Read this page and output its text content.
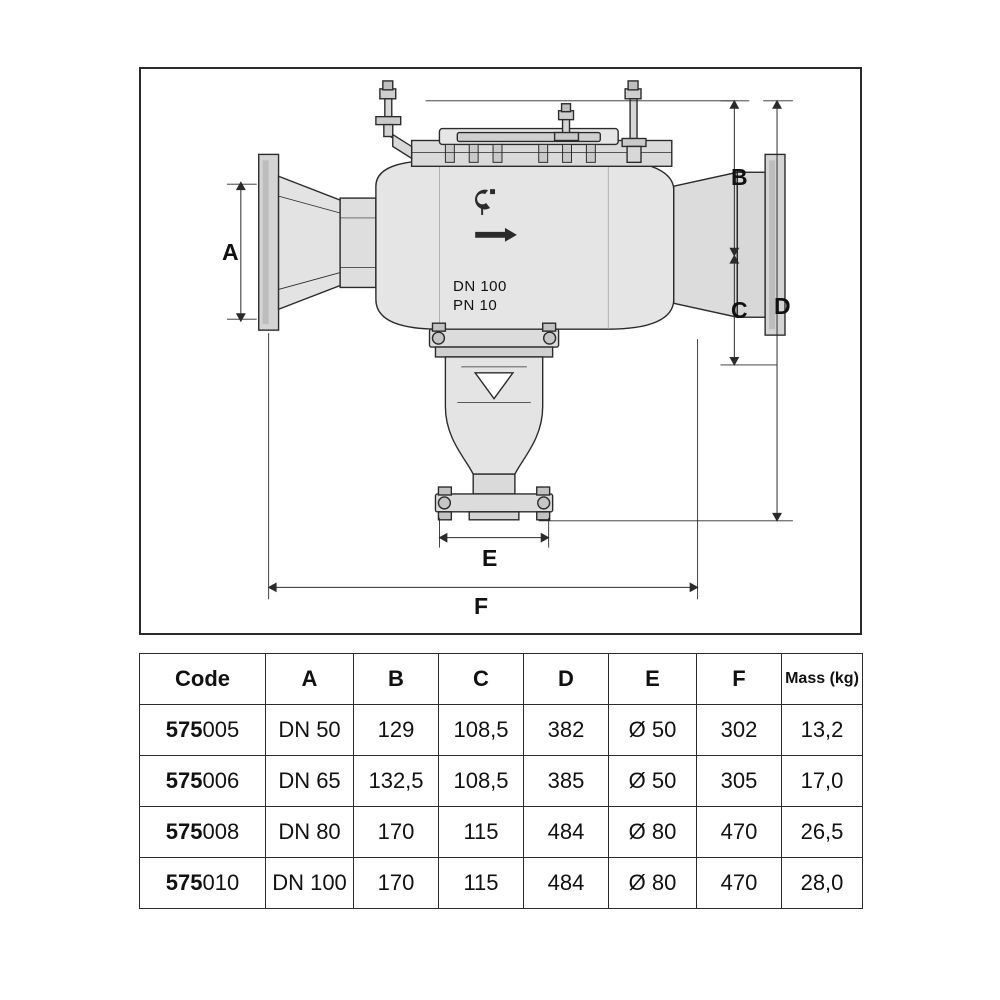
A
B
C D
E
F
DN 100
PN 10
Code	A	B	C	D	E	F	Mass (kg)
575005	DN 50	129	108,5	382	Ø 50	302	13,2
575006	DN 65	132,5	108,5	385	Ø 50	305	17,0
575008	DN 80	170	115	484	Ø 80	470	26,5
575010	DN 100	170	115	484	Ø 80	470	28,0
